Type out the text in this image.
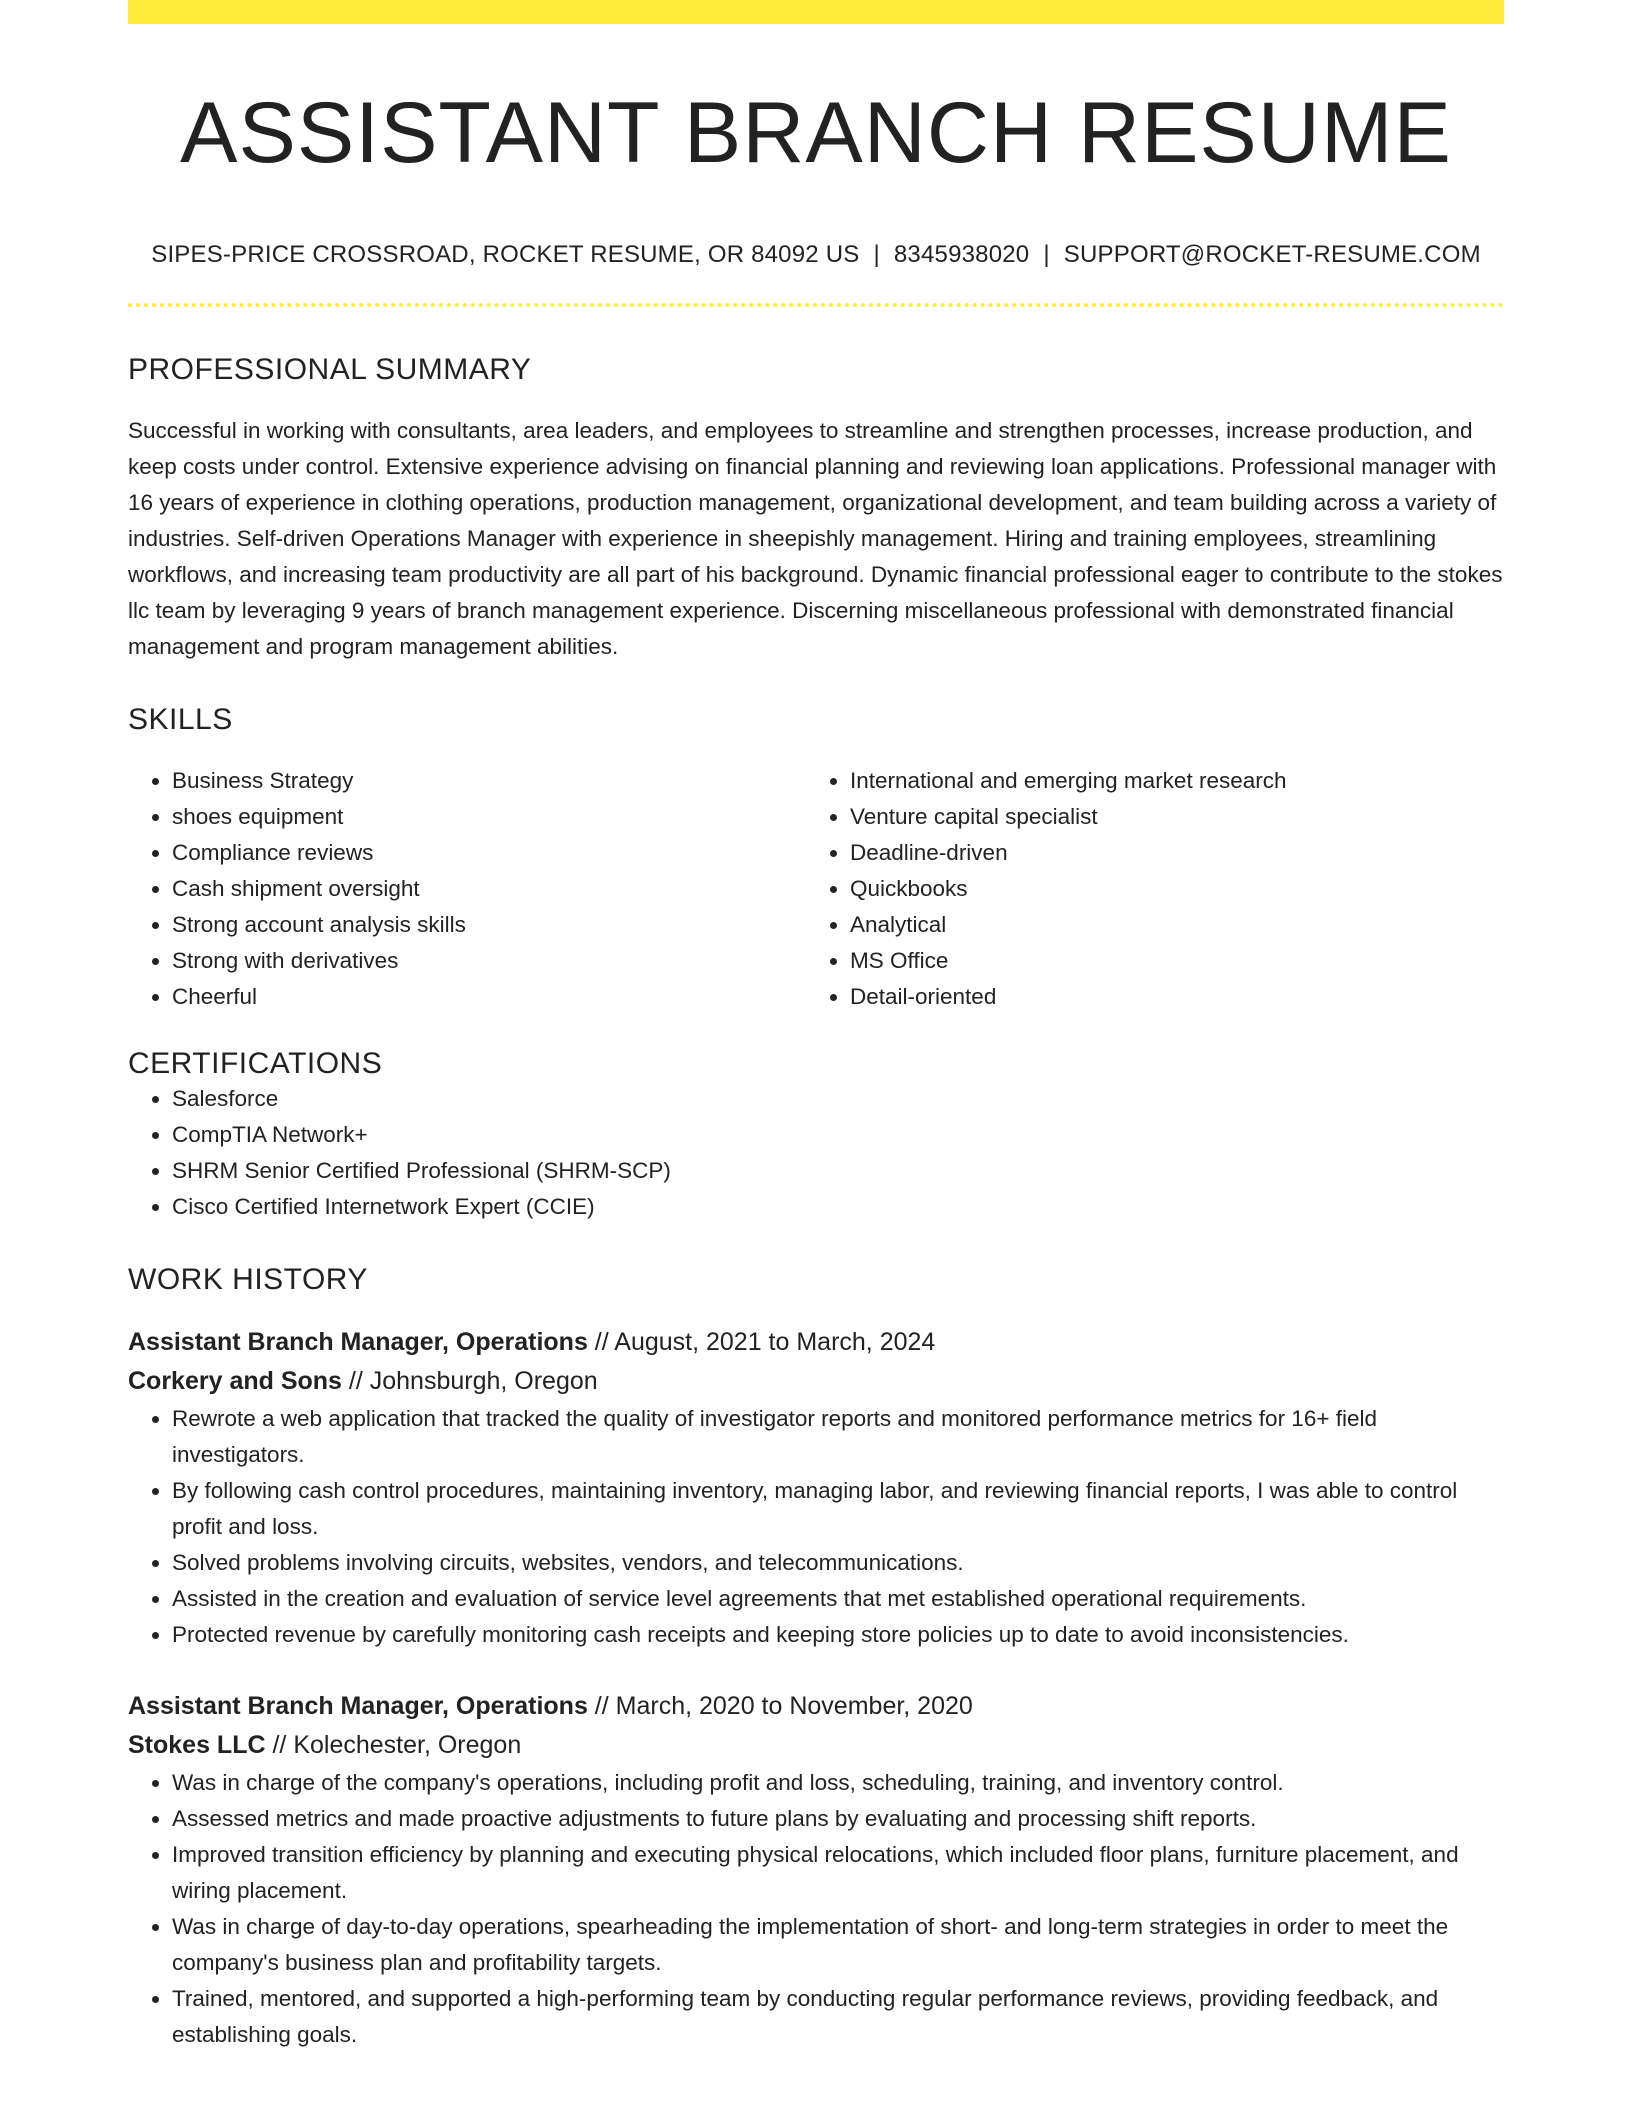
ASSISTANT BRANCH RESUME
SIPES-PRICE CROSSROAD, ROCKET RESUME, OR 84092 US | 8345938020 | SUPPORT@ROCKET-RESUME.COM
PROFESSIONAL SUMMARY

Successful in working with consultants, area leaders, and employees to streamline and strengthen processes, increase production, and keep costs under control. Extensive experience advising on financial planning and reviewing loan applications. Professional manager with 16 years of experience in clothing operations, production management, organizational development, and team building across a variety of industries. Self-driven Operations Manager with experience in sheepishly management. Hiring and training employees, streamlining workflows, and increasing team productivity are all part of his background. Dynamic financial professional eager to contribute to the stokes llc team by leveraging 9 years of branch management experience. Discerning miscellaneous professional with demonstrated financial management and program management abilities.

SKILLS
• Business Strategy
• shoes equipment
• Compliance reviews
• Cash shipment oversight
• Strong account analysis skills
• Strong with derivatives
• Cheerful
• International and emerging market research
• Venture capital specialist
• Deadline-driven
• Quickbooks
• Analytical
• MS Office
• Detail-oriented
CERTIFICATIONS
• Salesforce
• CompTIA Network+
• SHRM Senior Certified Professional (SHRM-SCP)
• Cisco Certified Internetwork Expert (CCIE)
WORK HISTORY
Assistant Branch Manager, Operations // August, 2021 to March, 2024
Corkery and Sons // Johnsburgh, Oregon
• Rewrote a web application that tracked the quality of investigator reports and monitored performance metrics for 16+ field investigators.
• By following cash control procedures, maintaining inventory, managing labor, and reviewing financial reports, I was able to control profit and loss.
• Solved problems involving circuits, websites, vendors, and telecommunications.
• Assisted in the creation and evaluation of service level agreements that met established operational requirements.
• Protected revenue by carefully monitoring cash receipts and keeping store policies up to date to avoid inconsistencies.
Assistant Branch Manager, Operations // March, 2020 to November, 2020
Stokes LLC // Kolechester, Oregon
• Was in charge of the company's operations, including profit and loss, scheduling, training, and inventory control.
• Assessed metrics and made proactive adjustments to future plans by evaluating and processing shift reports.
• Improved transition efficiency by planning and executing physical relocations, which included floor plans, furniture placement, and wiring placement.
• Was in charge of day-to-day operations, spearheading the implementation of short- and long-term strategies in order to meet the company's business plan and profitability targets.
• Trained, mentored, and supported a high-performing team by conducting regular performance reviews, providing feedback, and establishing goals.
